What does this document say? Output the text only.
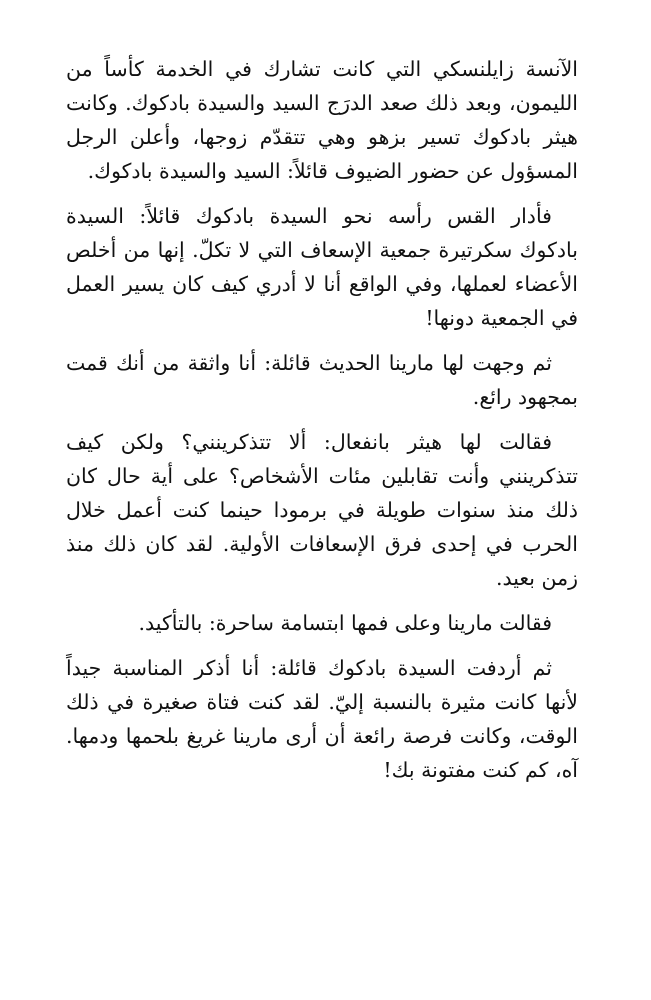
الآنسة زايلنسكي التي كانت تشارك في الخدمة كأساً من الليمون، وبعد ذلك صعد الدرَج السيد والسيدة بادكوك. وكانت هيثر بادكوك تسير بزهو وهي تتقدّم زوجها، وأعلن الرجل المسؤول عن حضور الضيوف قائلاً: السيد والسيدة بادكوك.

فأدار القس رأسه نحو السيدة بادكوك قائلاً: السيدة بادكوك سكرتيرة جمعية الإسعاف التي لا تكلّ. إنها من أخلص الأعضاء لعملها، وفي الواقع أنا لا أدري كيف كان يسير العمل في الجمعية دونها!

ثم وجهت لها مارينا الحديث قائلة: أنا واثقة من أنك قمت بمجهود رائع.

فقالت لها هيثر بانفعال: ألا تتذكرينني؟ ولكن كيف تتذكرينني وأنت تقابلين مئات الأشخاص؟ على أية حال كان ذلك منذ سنوات طويلة في برمودا حينما كنت أعمل خلال الحرب في إحدى فرق الإسعافات الأولية. لقد كان ذلك منذ زمن بعيد.

فقالت مارينا وعلى فمها ابتسامة ساحرة: بالتأكيد.

ثم أردفت السيدة بادكوك قائلة: أنا أذكر المناسبة جيداً لأنها كانت مثيرة بالنسبة إليّ. لقد كنت فتاة صغيرة في ذلك الوقت، وكانت فرصة رائعة أن أرى مارينا غريغ بلحمها ودمها. آه، كم كنت مفتونة بك!
